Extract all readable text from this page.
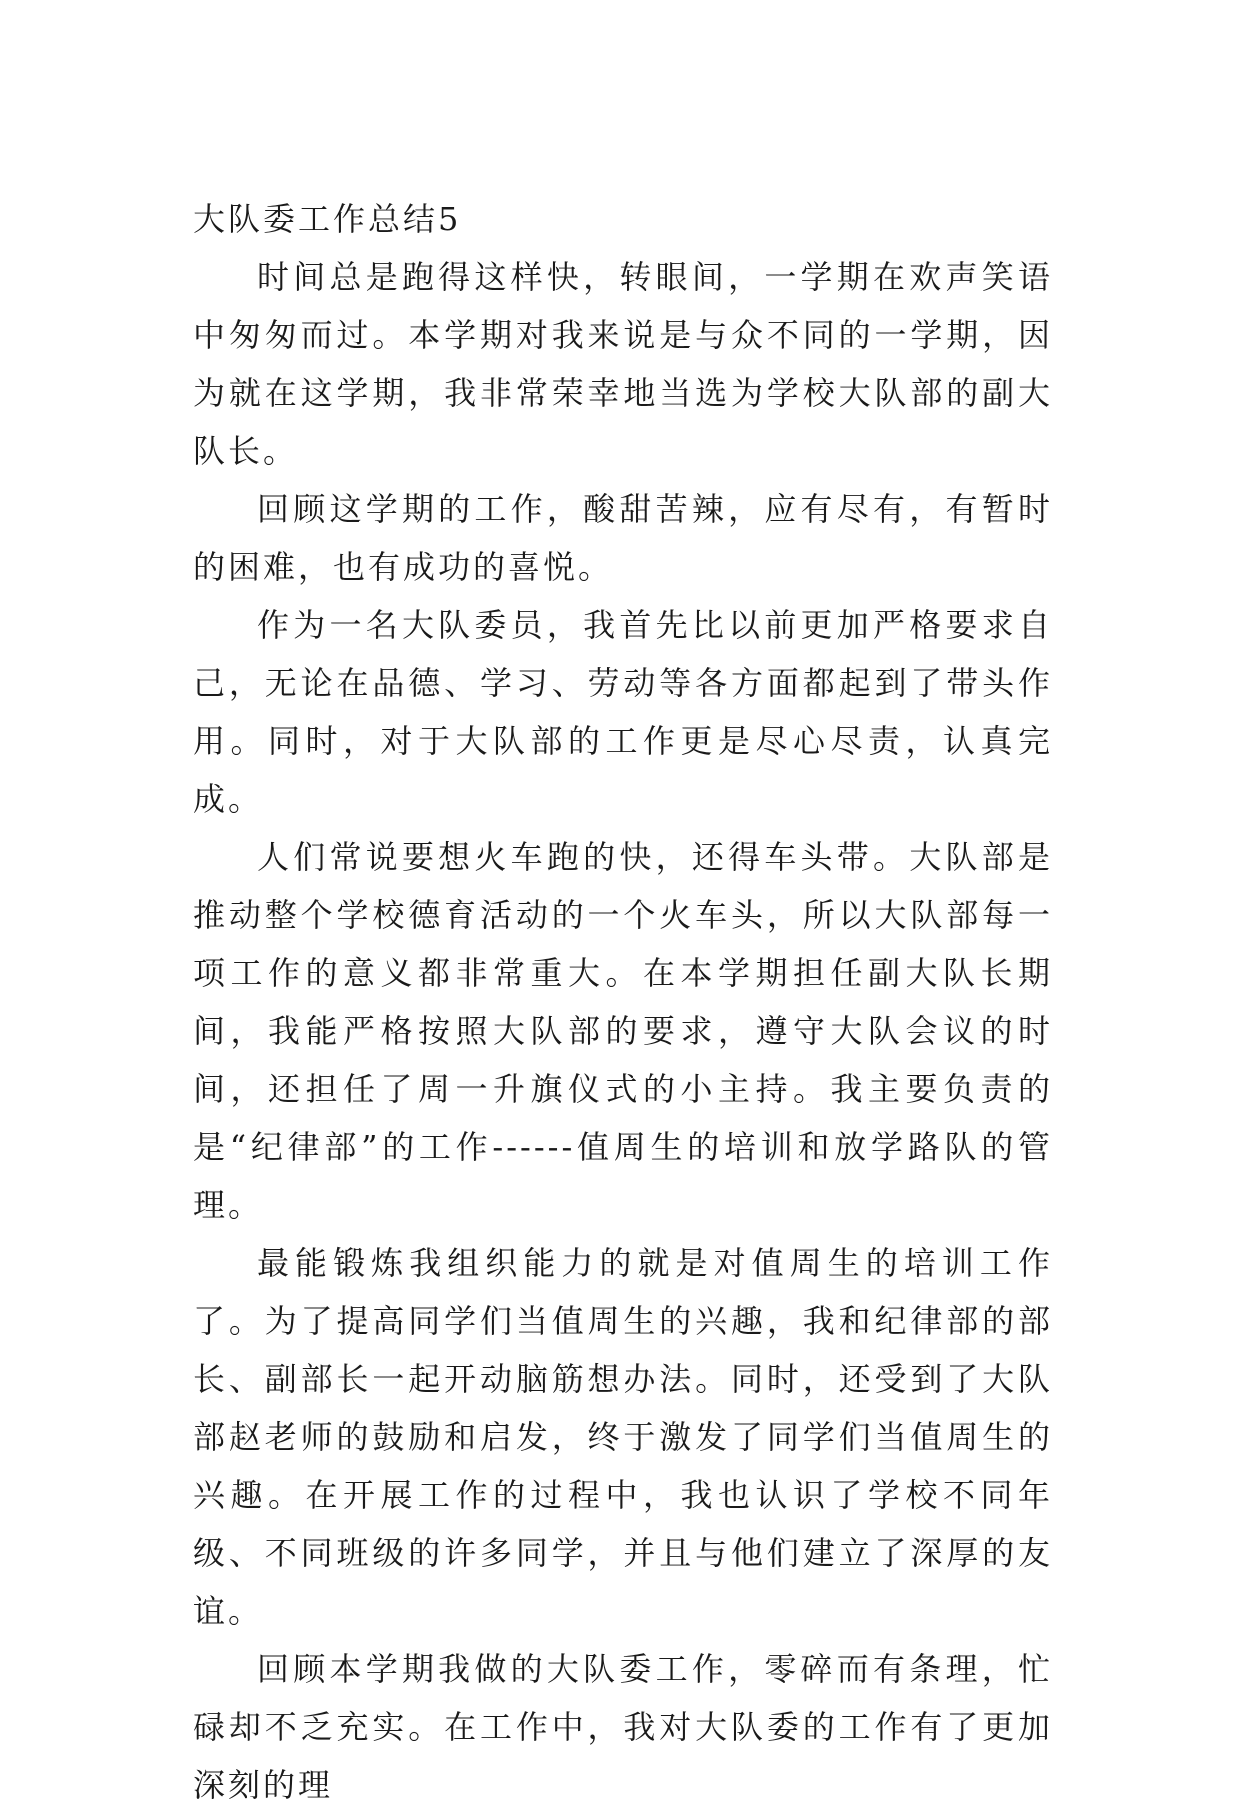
大队委工作总结5

时间总是跑得这样快，转眼间，一学期在欢声笑语中匆匆而过。本学期对我来说是与众不同的一学期，因为就在这学期，我非常荣幸地当选为学校大队部的副大队长。

回顾这学期的工作，酸甜苦辣，应有尽有，有暂时的困难，也有成功的喜悦。

作为一名大队委员，我首先比以前更加严格要求自己，无论在品德、学习、劳动等各方面都起到了带头作用。同时，对于大队部的工作更是尽心尽责，认真完成。

人们常说要想火车跑的快，还得车头带。大队部是推动整个学校德育活动的一个火车头，所以大队部每一项工作的意义都非常重大。在本学期担任副大队长期间，我能严格按照大队部的要求，遵守大队会议的时间，还担任了周一升旗仪式的小主持。我主要负责的是“纪律部”的工作------值周生的培训和放学路队的管理。

最能锻炼我组织能力的就是对值周生的培训工作了。为了提高同学们当值周生的兴趣，我和纪律部的部长、副部长一起开动脑筋想办法。同时，还受到了大队部赵老师的鼓励和启发，终于激发了同学们当值周生的兴趣。在开展工作的过程中，我也认识了学校不同年级、不同班级的许多同学，并且与他们建立了深厚的友谊。

回顾本学期我做的大队委工作，零碎而有条理，忙碌却不乏充实。在工作中，我对大队委的工作有了更加深刻的理
